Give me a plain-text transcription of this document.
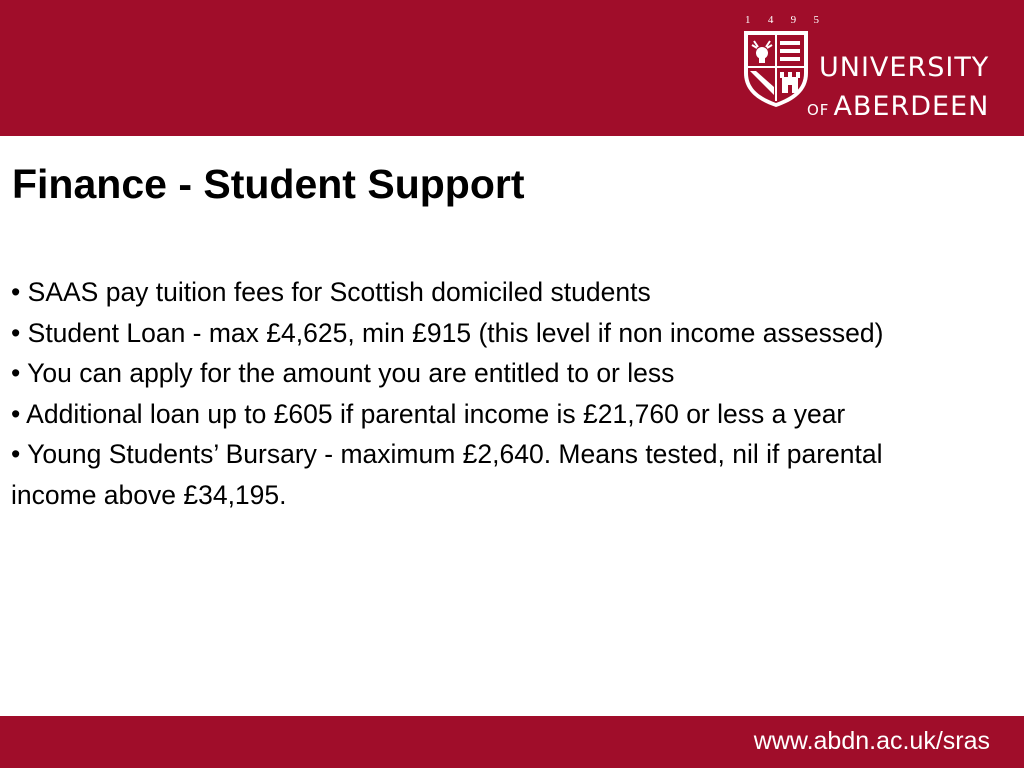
1 4 9 5
UNIVERSITY
OF ABERDEEN
Finance - Student Support

• SAAS pay tuition fees for Scottish domiciled students

• Student Loan - max £4,625, min £915 (this level if non income assessed)

• You can apply for the amount you are entitled to or less

• Additional loan up to £605 if parental income is £21,760 or less a year

• Young Students’ Bursary - maximum £2,640. Means tested, nil if parental income above £34,195.

www.abdn.ac.uk/sras
